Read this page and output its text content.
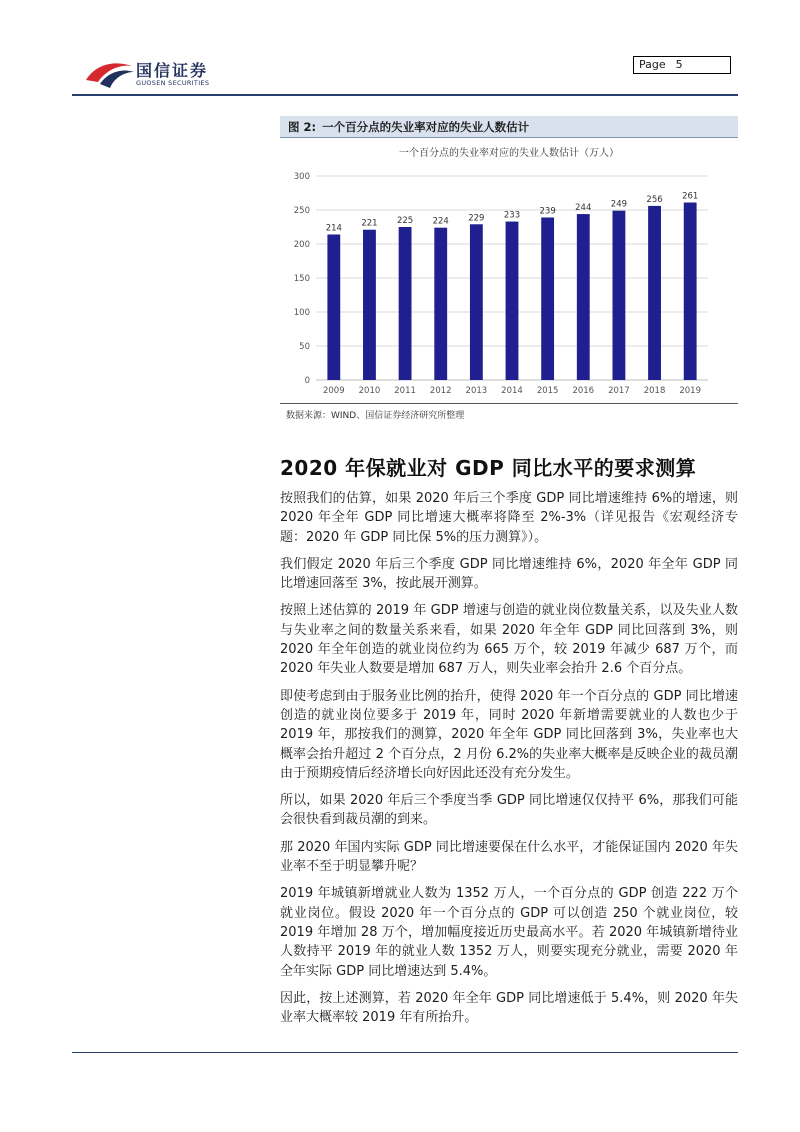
国信证券
GUOSEN SECURITIES
Page 5
图 2: 一个百分点的失业率对应的失业人数估计
一个百分点的失业率对应的失业人数估计（万人）
0
50
100
150
200
250
300
214
2009
221
2010
225
2011
224
2012
229
2013
233
2014
239
2015
244
2016
249
2017
256
2018
261
2019
数据来源：WIND、国信证券经济研究所整理
2020 年保就业对 GDP 同比水平的要求测算

按照我们的估算，如果 2020 年后三个季度 GDP 同比增速维持 6%的增速，则 2020 年全年 GDP 同比增速大概率将降至 2%-3%（详见报告《宏观经济专题：2020 年 GDP 同比保 5%的压力测算》）。

我们假定 2020 年后三个季度 GDP 同比增速维持 6%，2020 年全年 GDP 同比增速回落至 3%，按此展开测算。

按照上述估算的 2019 年 GDP 增速与创造的就业岗位数量关系，以及失业人数与失业率之间的数量关系来看，如果 2020 年全年 GDP 同比回落到 3%，则 2020 年全年创造的就业岗位约为 665 万个，较 2019 年减少 687 万个，而 2020 年失业人数要是增加 687 万人，则失业率会抬升 2.6 个百分点。

即使考虑到由于服务业比例的抬升，使得 2020 年一个百分点的 GDP 同比增速创造的就业岗位要多于 2019 年，同时 2020 年新增需要就业的人数也少于 2019 年，那按我们的测算，2020 年全年 GDP 同比回落到 3%，失业率也大概率会抬升超过 2 个百分点，2 月份 6.2%的失业率大概率是反映企业的裁员潮由于预期疫情后经济增长向好因此还没有充分发生。

所以，如果 2020 年后三个季度当季 GDP 同比增速仅仅持平 6%，那我们可能会很快看到裁员潮的到来。

那 2020 年国内实际 GDP 同比增速要保在什么水平，才能保证国内 2020 年失业率不至于明显攀升呢？

2019 年城镇新增就业人数为 1352 万人，一个百分点的 GDP 创造 222 万个就业岗位。假设 2020 年一个百分点的 GDP 可以创造 250 个就业岗位，较 2019 年增加 28 万个，增加幅度接近历史最高水平。若 2020 年城镇新增待业人数持平 2019 年的就业人数 1352 万人，则要实现充分就业，需要 2020 年全年实际 GDP 同比增速达到 5.4%。

因此，按上述测算，若 2020 年全年 GDP 同比增速低于 5.4%，则 2020 年失业率大概率较 2019 年有所抬升。
